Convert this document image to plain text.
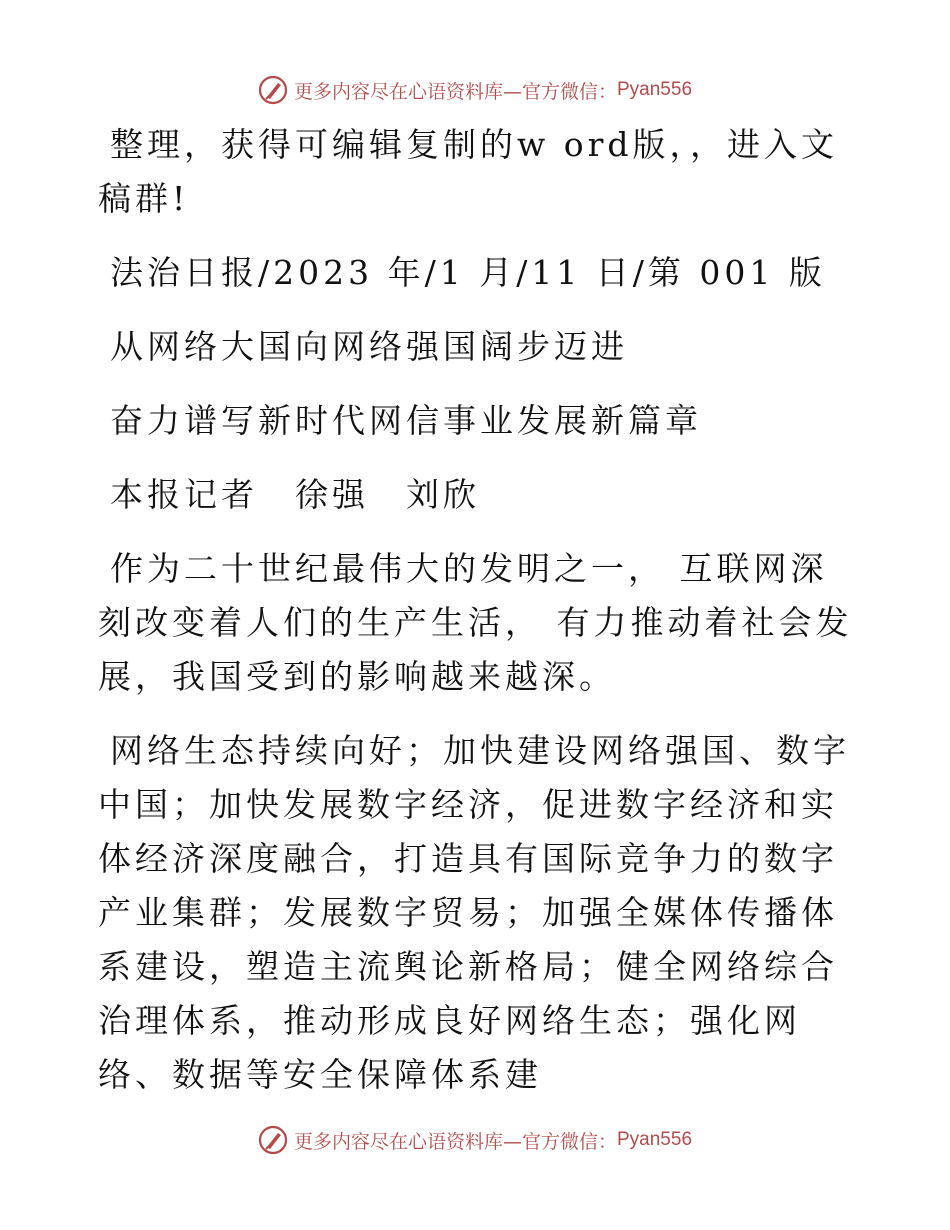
更多内容尽在心语资料库—官方微信： Pyan556

整理，获得可编辑复制的w ord版，，进入文稿群!

法治日报/2023 年/1 月/11 日/第 001 版

从网络大国向网络强国阔步迈进

奋力谱写新时代网信事业发展新篇章

本报记者　徐强　刘欣

作为二十世纪最伟大的发明之一， 互联网深刻改变着人们的生产生活， 有力推动着社会发展，我国受到的影响越来越深。

网络生态持续向好；加快建设网络强国、数字中国；加快发展数字经济，促进数字经济和实体经济深度融合，打造具有国际竞争力的数字产业集群；发展数字贸易；加强全媒体传播体系建设，塑造主流舆论新格局；健全网络综合治理体系，推动形成良好网络生态；强化网络、数据等安全保障体系建

更多内容尽在心语资料库—官方微信： Pyan556
